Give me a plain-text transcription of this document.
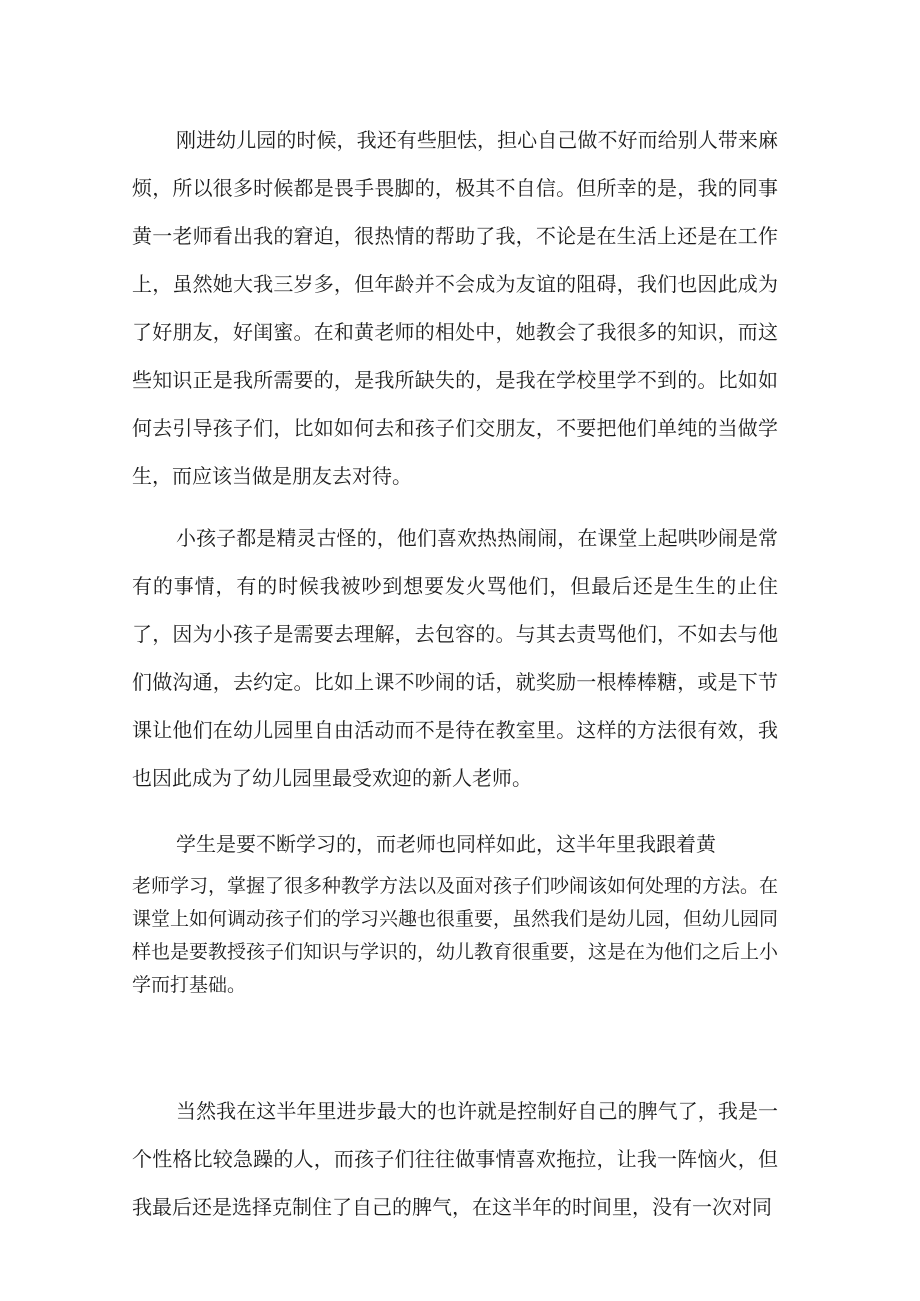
刚进幼儿园的时候，我还有些胆怯，担心自己做不好而给别人带来麻烦，所以很多时候都是畏手畏脚的，极其不自信。但所幸的是，我的同事黄一老师看出我的窘迫，很热情的帮助了我，不论是在生活上还是在工作上，虽然她大我三岁多，但年龄并不会成为友谊的阻碍，我们也因此成为了好朋友，好闺蜜。在和黄老师的相处中，她教会了我很多的知识，而这些知识正是我所需要的，是我所缺失的，是我在学校里学不到的。比如如何去引导孩子们，比如如何去和孩子们交朋友，不要把他们单纯的当做学生，而应该当做是朋友去对待。

小孩子都是精灵古怪的，他们喜欢热热闹闹，在课堂上起哄吵闹是常有的事情，有的时候我被吵到想要发火骂他们，但最后还是生生的止住了，因为小孩子是需要去理解，去包容的。与其去责骂他们，不如去与他们做沟通，去约定。比如上课不吵闹的话，就奖励一根棒棒糖，或是下节课让他们在幼儿园里自由活动而不是待在教室里。这样的方法很有效，我也因此成为了幼儿园里最受欢迎的新人老师。

学生是要不断学习的，而老师也同样如此，这半年里我跟着黄

老师学习，掌握了很多种教学方法以及面对孩子们吵闹该如何处理的方法。在课堂上如何调动孩子们的学习兴趣也很重要，虽然我们是幼儿园，但幼儿园同样也是要教授孩子们知识与学识的，幼儿教育很重要，这是在为他们之后上小学而打基础。

当然我在这半年里进步最大的也许就是控制好自己的脾气了，我是一个性格比较急躁的人，而孩子们往往做事情喜欢拖拉，让我一阵恼火，但我最后还是选择克制住了自己的脾气，在这半年的时间里，没有一次对同
